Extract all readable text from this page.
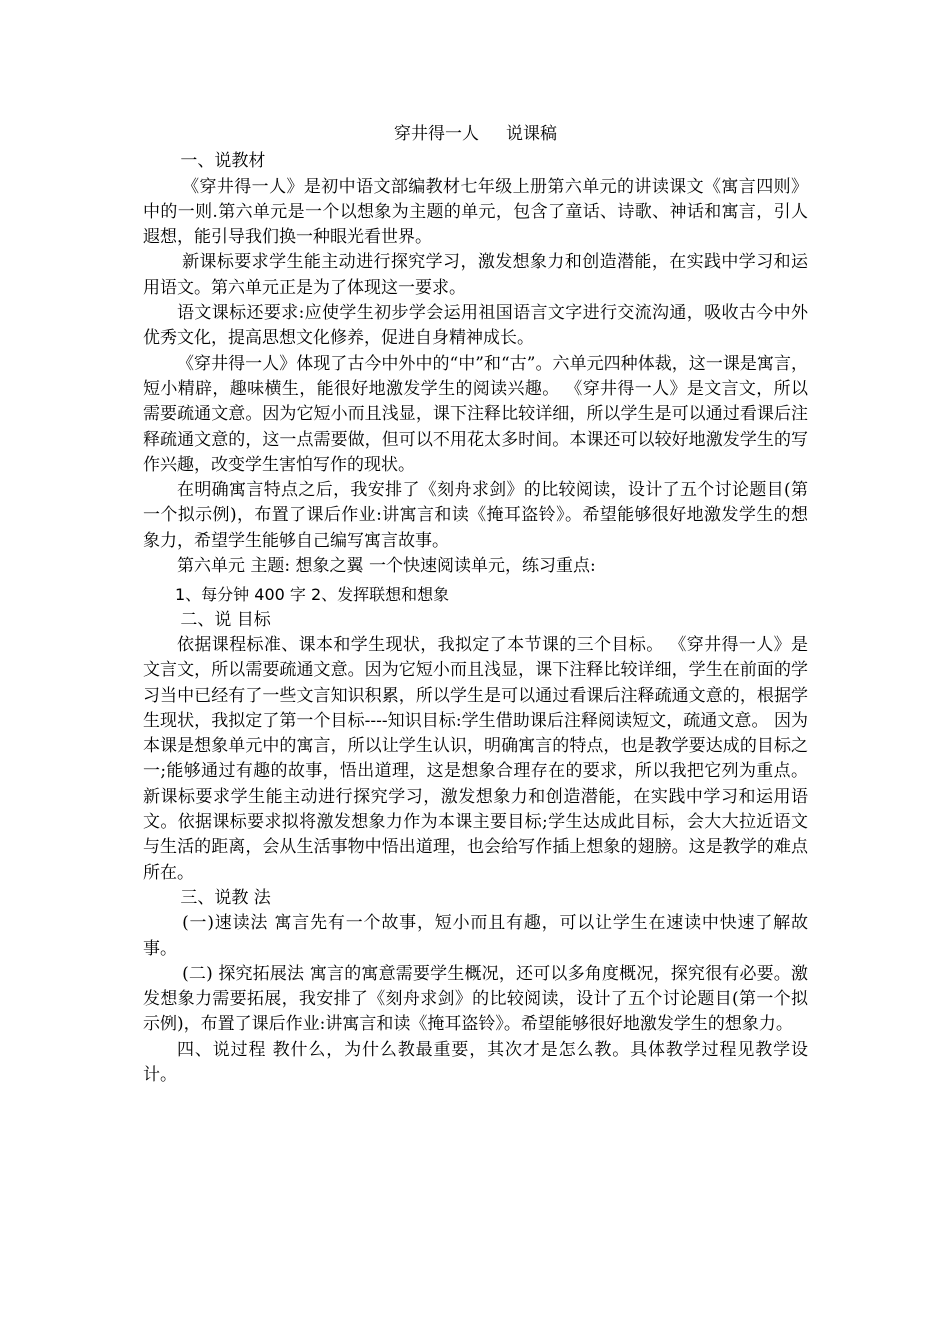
穿井得一人     说课稿

一、说教材

《穿井得一人》是初中语文部编教材七年级上册第六单元的讲读课文《寓言四则》中的一则.第六单元是一个以想象为主题的单元，包含了童话、诗歌、神话和寓言，引人遐想，能引导我们换一种眼光看世界。

新课标要求学生能主动进行探究学习，激发想象力和创造潜能，在实践中学习和运用语文。第六单元正是为了体现这一要求。

语文课标还要求:应使学生初步学会运用祖国语言文字进行交流沟通，吸收古今中外优秀文化，提高思想文化修养，促进自身精神成长。

《穿井得一人》体现了古今中外中的“中”和“古”。六单元四种体裁，这一课是寓言，短小精辟，趣味横生，能很好地激发学生的阅读兴趣。 《穿井得一人》是文言文，所以需要疏通文意。因为它短小而且浅显，课下注释比较详细，所以学生是可以通过看课后注释疏通文意的，这一点需要做，但可以不用花太多时间。本课还可以较好地激发学生的写作兴趣，改变学生害怕写作的现状。

在明确寓言特点之后，我安排了《刻舟求剑》的比较阅读，设计了五个讨论题目(第一个拟示例)，布置了课后作业:讲寓言和读《掩耳盗铃》。希望能够很好地激发学生的想象力，希望学生能够自己编写寓言故事。

第六单元 主题: 想象之翼 一个快速阅读单元，练习重点:

1、每分钟 400 字 2、发挥联想和想象

二、说 目标

依据课程标准、课本和学生现状，我拟定了本节课的三个目标。 《穿井得一人》是文言文，所以需要疏通文意。因为它短小而且浅显，课下注释比较详细，学生在前面的学习当中已经有了一些文言知识积累，所以学生是可以通过看课后注释疏通文意的，根据学生现状，我拟定了第一个目标----知识目标:学生借助课后注释阅读短文，疏通文意。 因为本课是想象单元中的寓言，所以让学生认识，明确寓言的特点，也是教学要达成的目标之一;能够通过有趣的故事，悟出道理，这是想象合理存在的要求，所以我把它列为重点。 新课标要求学生能主动进行探究学习，激发想象力和创造潜能，在实践中学习和运用语文。依据课标要求拟将激发想象力作为本课主要目标;学生达成此目标，会大大拉近语文与生活的距离，会从生活事物中悟出道理，也会给写作插上想象的翅膀。这是教学的难点所在。

三、说教 法

(一)速读法 寓言先有一个故事，短小而且有趣，可以让学生在速读中快速了解故事。

(二) 探究拓展法 寓言的寓意需要学生概况，还可以多角度概况，探究很有必要。激发想象力需要拓展，我安排了《刻舟求剑》的比较阅读，设计了五个讨论题目(第一个拟示例)，布置了课后作业:讲寓言和读《掩耳盗铃》。希望能够很好地激发学生的想象力。

四、说过程 教什么，为什么教最重要，其次才是怎么教。具体教学过程见教学设计。
